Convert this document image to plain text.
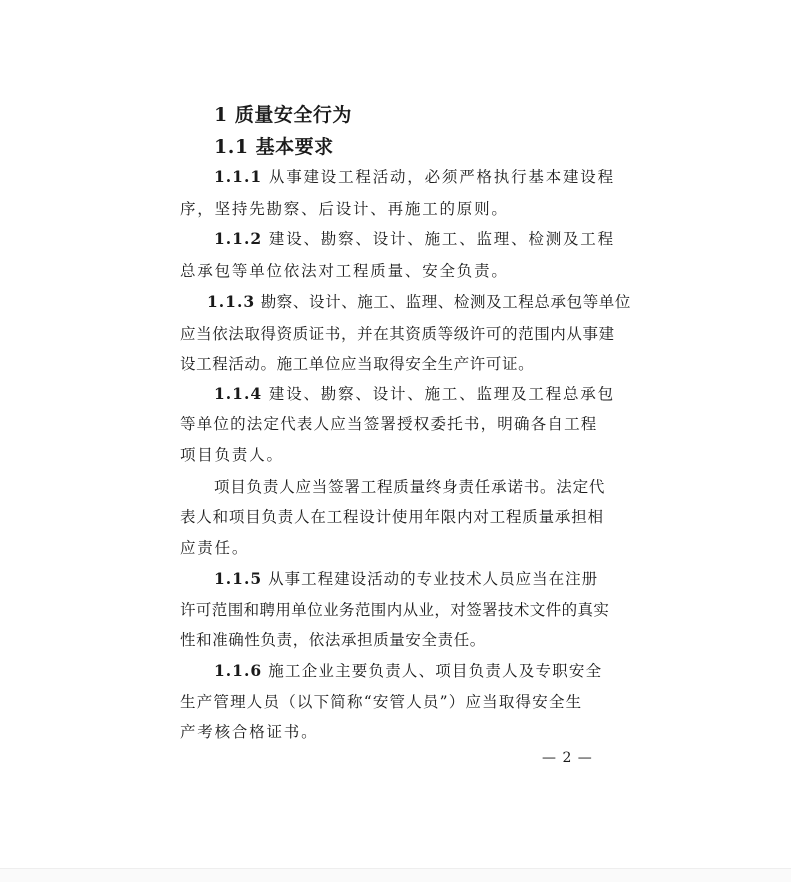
1 质量安全行为
1.1 基本要求
1.1.1 从事建设工程活动，必须严格执行基本建设程
序，坚持先勘察、后设计、再施工的原则。
1.1.2 建设、勘察、设计、施工、监理、检测及工程
总承包等单位依法对工程质量、安全负责。
1.1.3 勘察、设计、施工、监理、检测及工程总承包等单位
应当依法取得资质证书，并在其资质等级许可的范围内从事建
设工程活动。施工单位应当取得安全生产许可证。
1.1.4 建设、勘察、设计、施工、监理及工程总承包
等单位的法定代表人应当签署授权委托书，明确各自工程
项目负责人。
项目负责人应当签署工程质量终身责任承诺书。法定代
表人和项目负责人在工程设计使用年限内对工程质量承担相
应责任。
1.1.5 从事工程建设活动的专业技术人员应当在注册
许可范围和聘用单位业务范围内从业，对签署技术文件的真实
性和准确性负责，依法承担质量安全责任。
1.1.6 施工企业主要负责人、项目负责人及专职安全
生产管理人员（以下简称“安管人员”）应当取得安全生
产考核合格证书。
— 2 —
